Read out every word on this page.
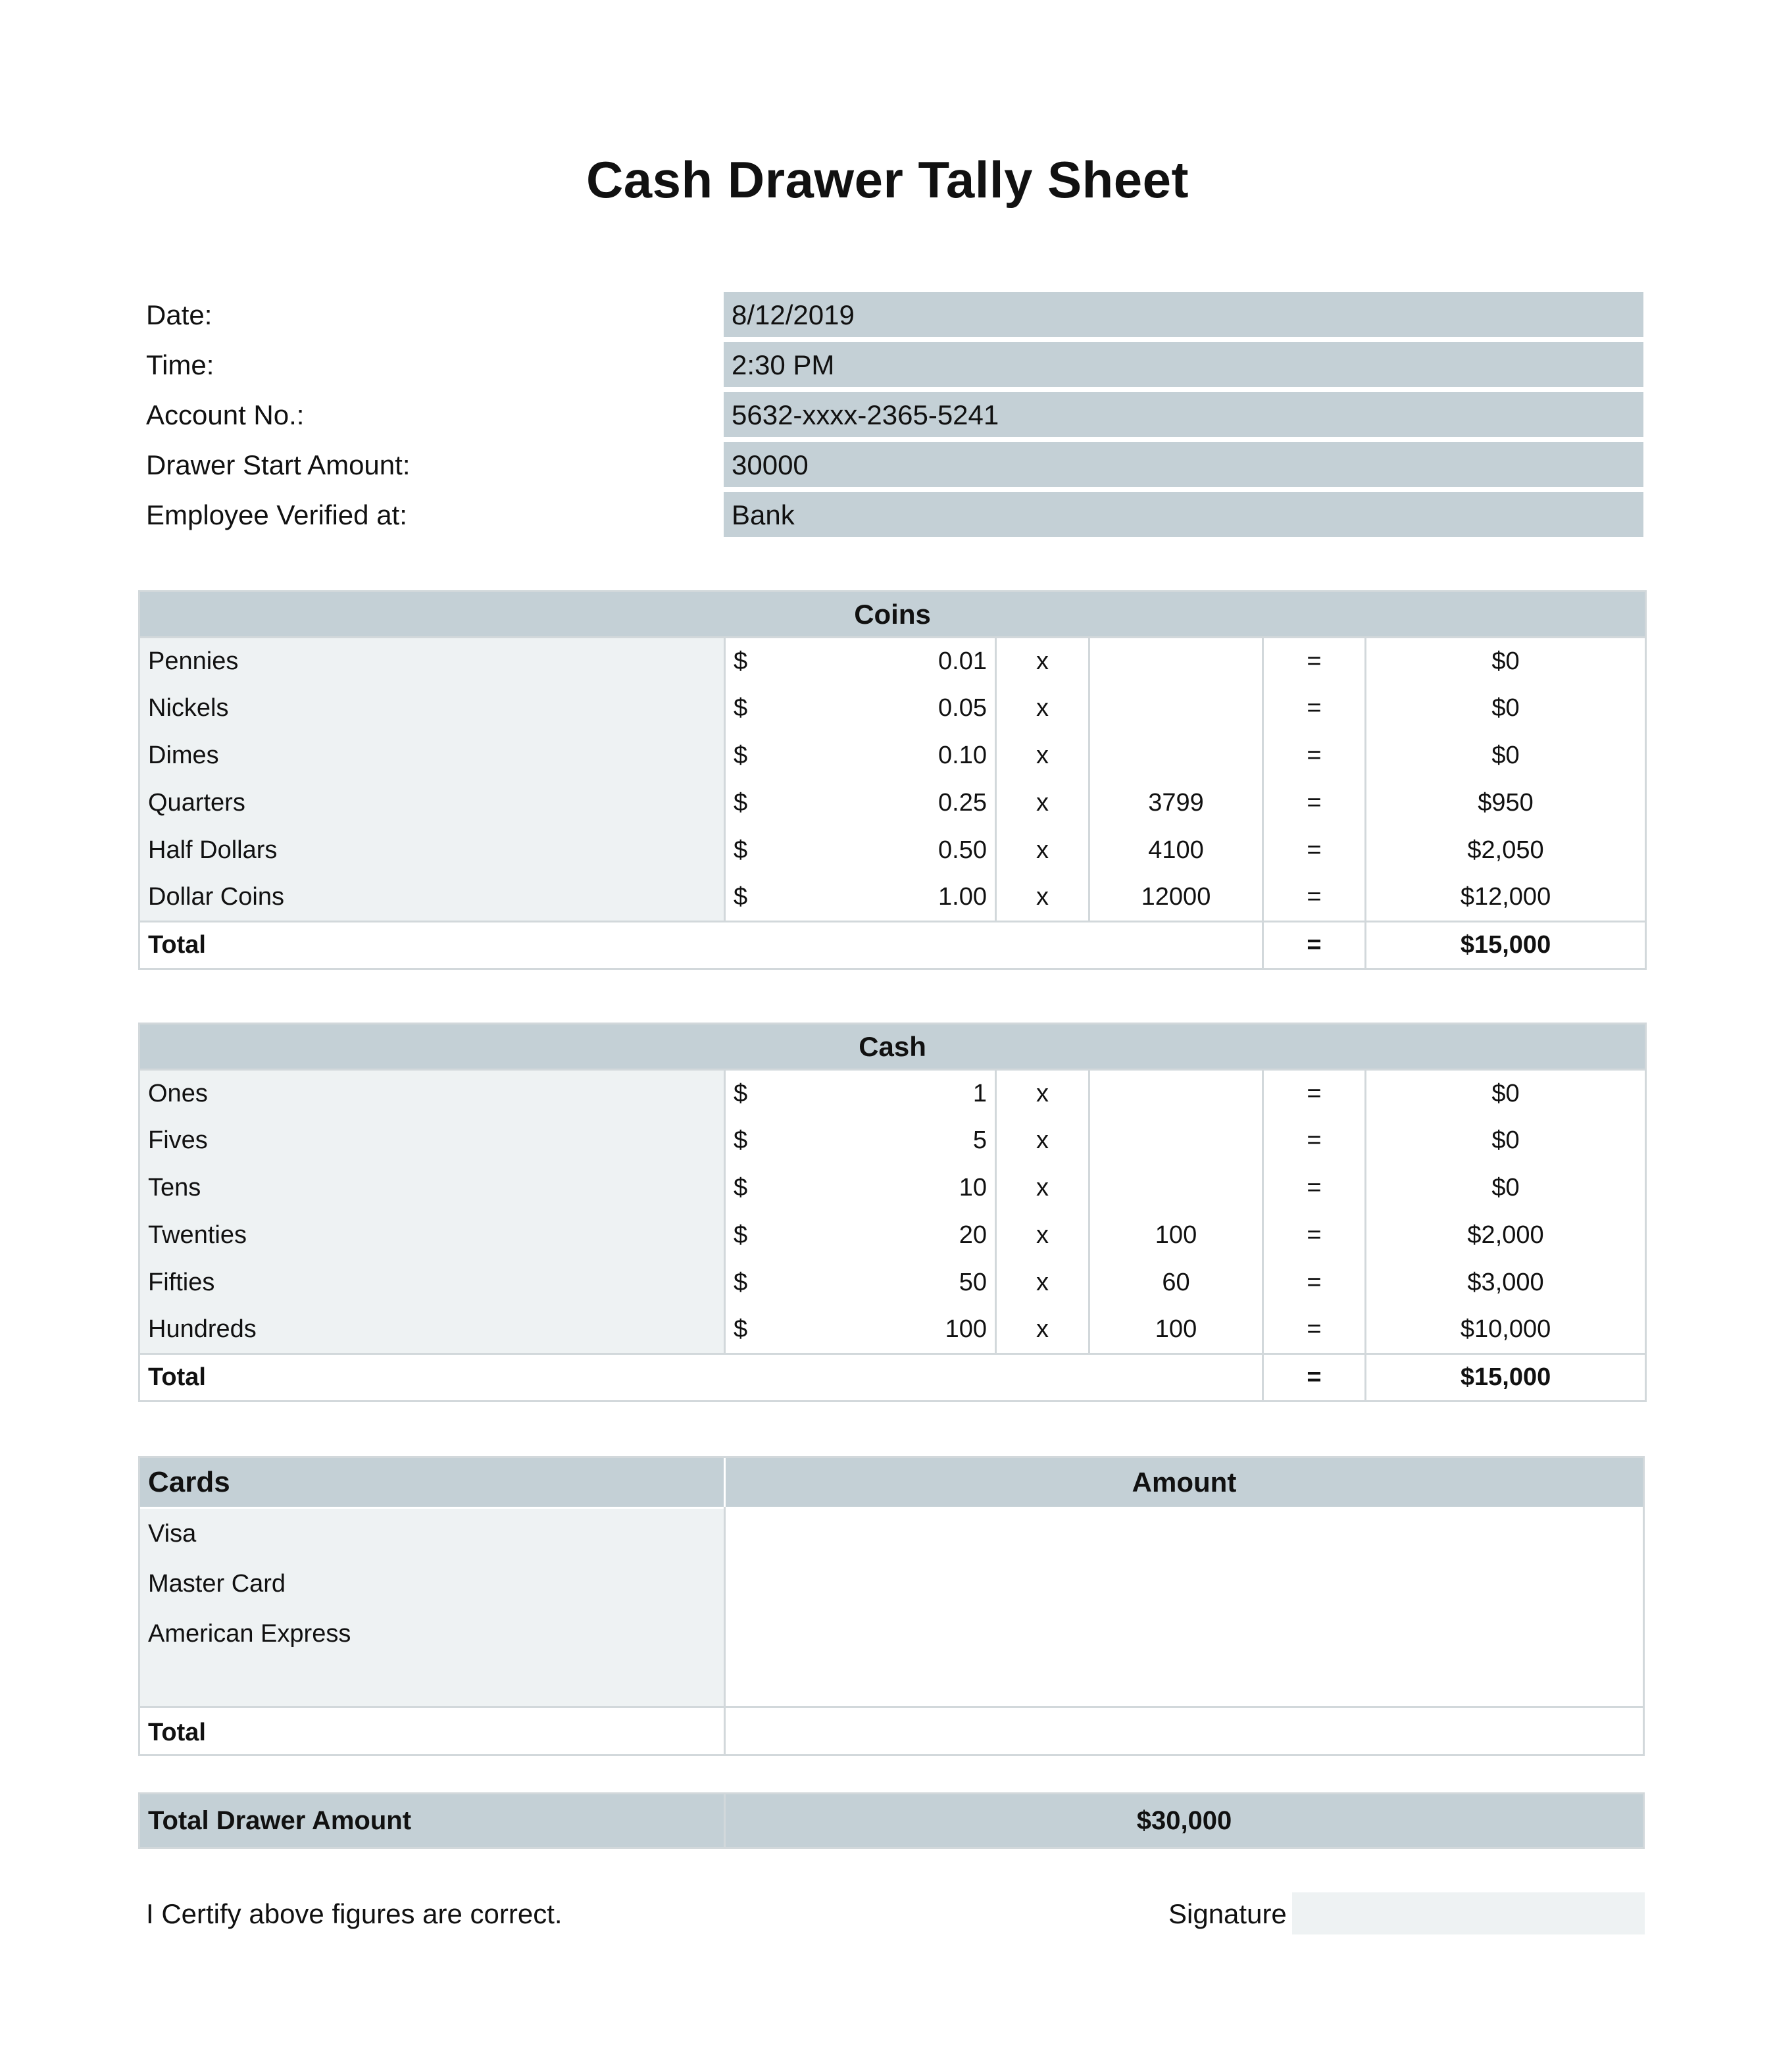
Cash Drawer Tally Sheet
Date:	8/12/2019
Time:	2:30 PM
Account No.:	5632-xxxx-2365-5241
Drawer Start Amount:	30000
Employee Verified at:	Bank
Coins						
Pennies	$	0.01	x		=	$0
Nickels	$	0.05	x		=	$0
Dimes	$	0.10	x		=	$0
Quarters	$	0.25	x	3799	=	$950
Half Dollars	$	0.50	x	4100	=	$2,050
Dollar Coins	$	1.00	x	12000	=	$12,000
Total					=	$15,000
Cash						
Ones	$	1	x		=	$0
Fives	$	5	x		=	$0
Tens	$	10	x		=	$0
Twenties	$	20	x	100	=	$2,000
Fifties	$	50	x	60	=	$3,000
Hundreds	$	100	x	100	=	$10,000
Total					=	$15,000
Cards	Amount
Visa
Master Card
American Express
Total
Total Drawer Amount	$30,000
I Certify above figures are correct.	Signature
